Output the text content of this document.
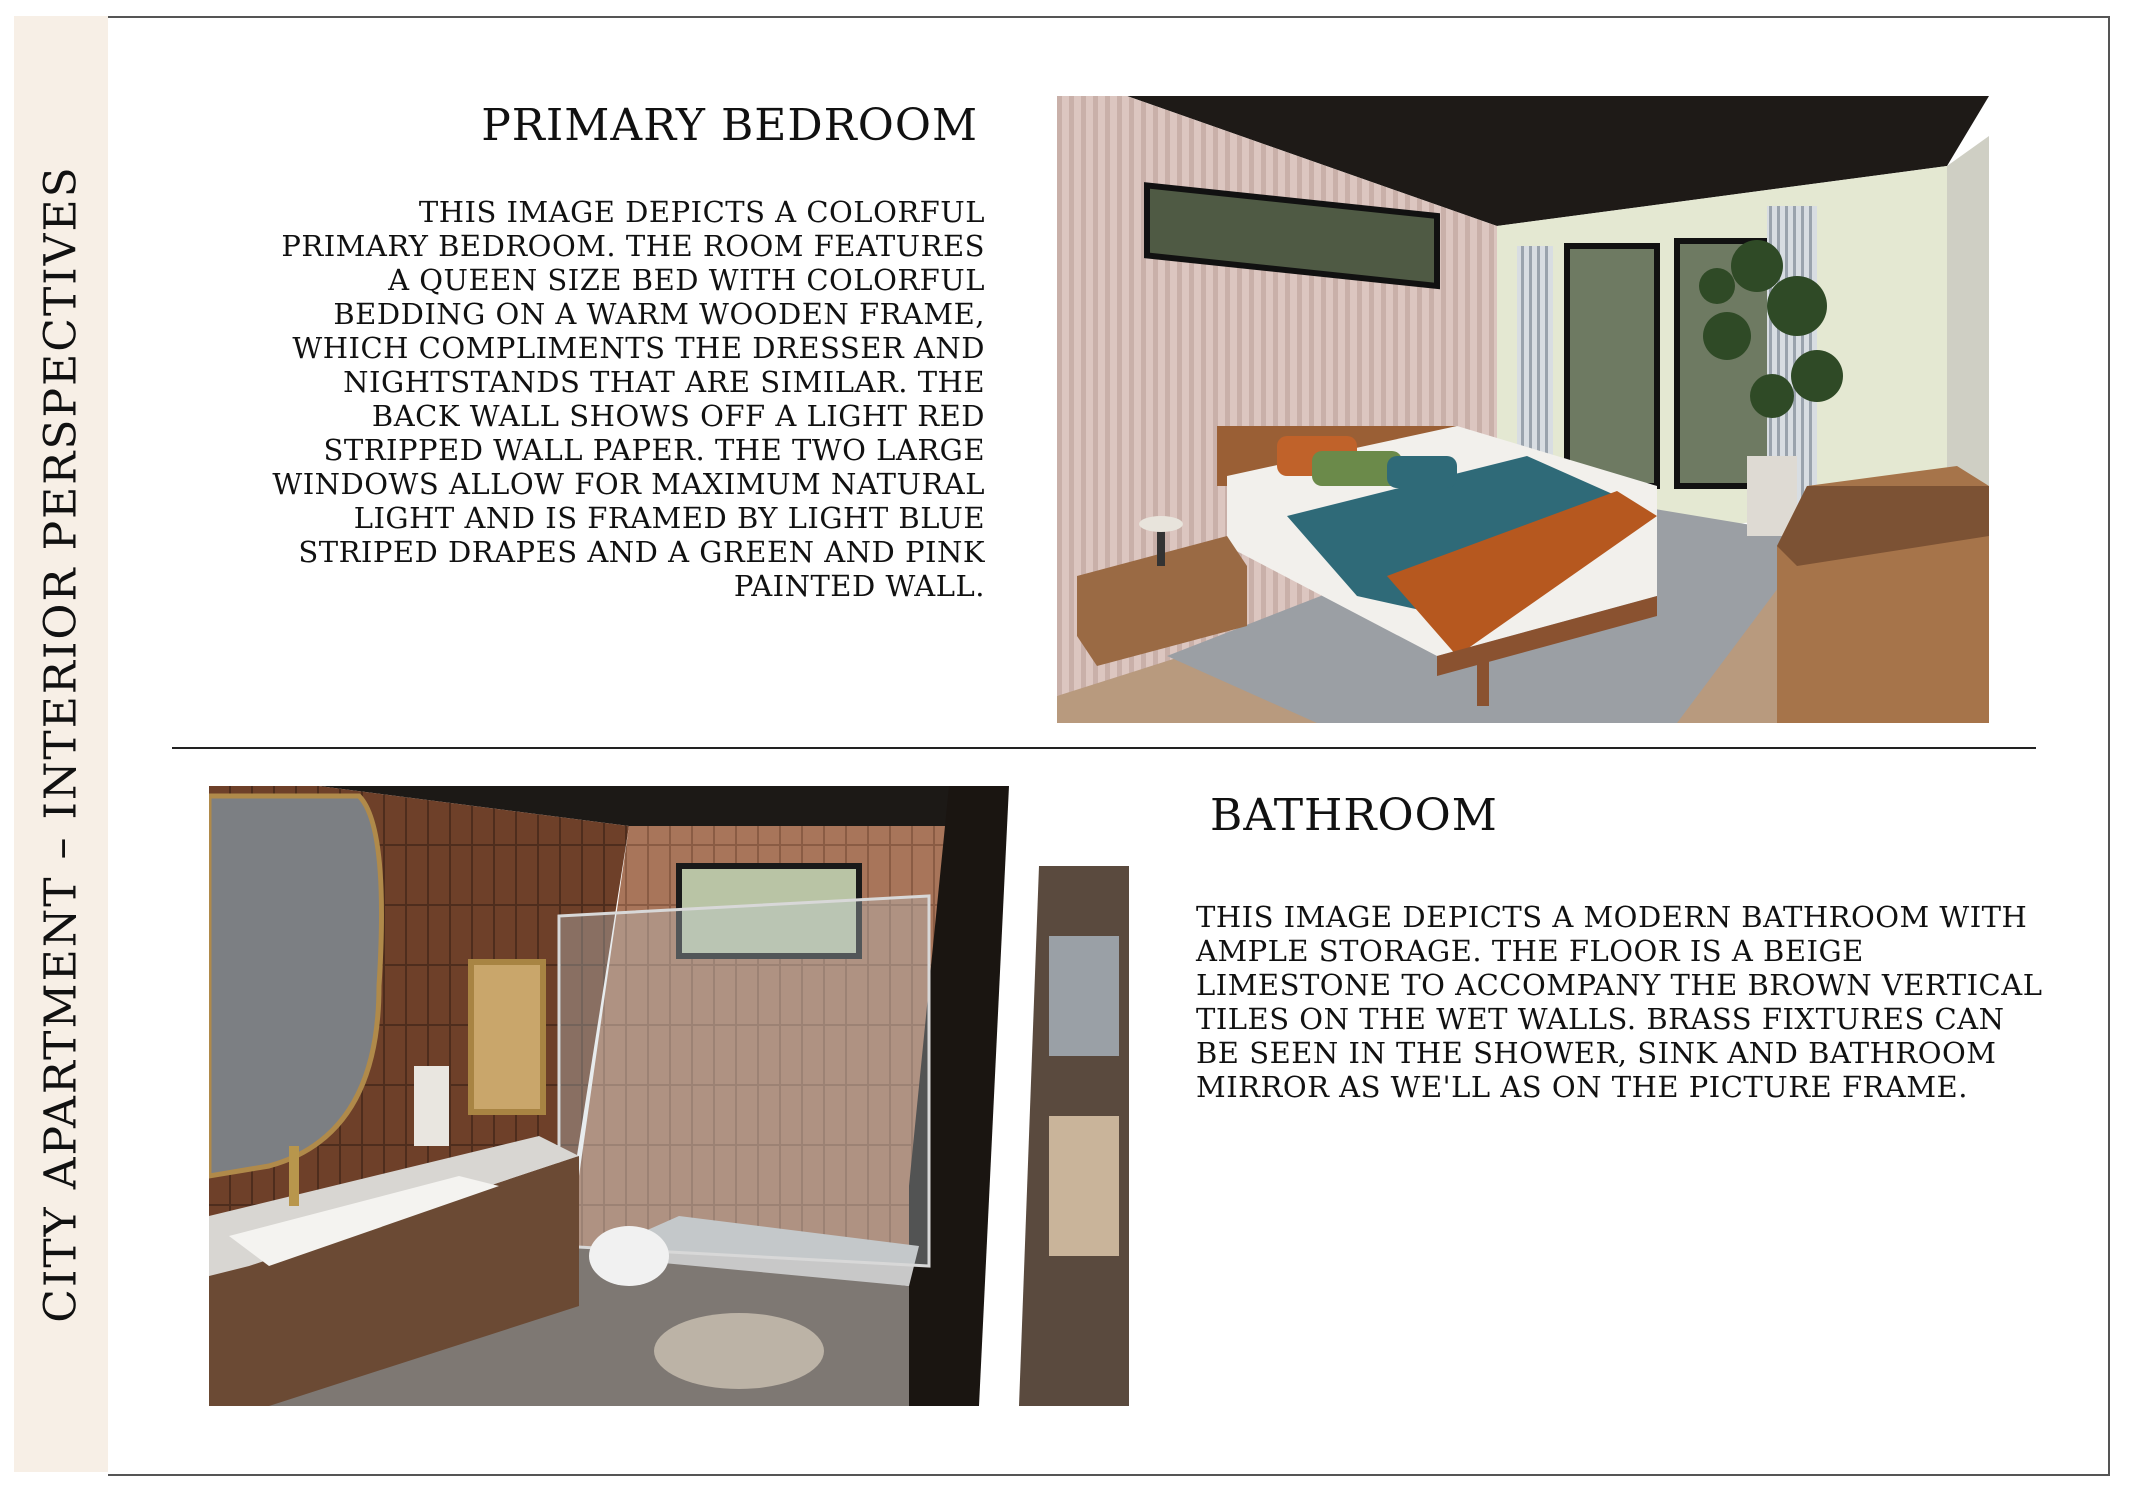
CITY APARTMENT – INTERIOR PERSPECTIVES
PRIMARY BEDROOM

THIS IMAGE DEPICTS A COLORFUL PRIMARY BEDROOM. THE ROOM FEATURES A QUEEN SIZE BED WITH COLORFUL BEDDING ON A WARM WOODEN FRAME, WHICH COMPLIMENTS THE DRESSER AND NIGHTSTANDS THAT ARE SIMILAR. THE BACK WALL SHOWS OFF A LIGHT RED STRIPPED WALL PAPER. THE TWO LARGE WINDOWS ALLOW FOR MAXIMUM NATURAL LIGHT AND IS FRAMED BY LIGHT BLUE STRIPED DRAPES AND A GREEN AND PINK PAINTED WALL.

BATHROOM

THIS IMAGE DEPICTS A MODERN BATHROOM WITH AMPLE STORAGE. THE FLOOR IS A BEIGE LIMESTONE TO ACCOMPANY THE BROWN VERTICAL TILES ON THE WET WALLS. BRASS FIXTURES CAN BE SEEN IN THE SHOWER, SINK AND BATHROOM MIRROR AS WE'LL AS ON THE PICTURE FRAME.
